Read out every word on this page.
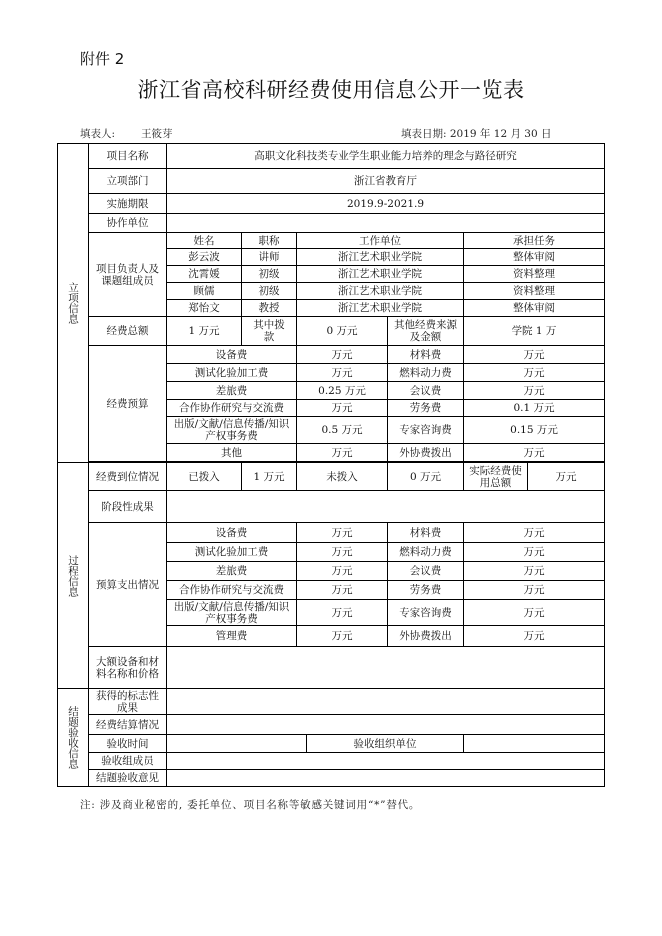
附件 2
浙江省高校科研经费使用信息公开一览表
填表人: 王筱芽	填表日期: 2019 年 12 月 30 日
立项信息	项目名称	高职文化科技类专业学生职业能力培养的理念与路径研究						
	立项部门	浙江省教育厅						
	实施期限	2019.9-2021.9						
	协作单位							
	项目负责人及课题组成员	姓名	职称	工作单位			承担任务	
		彭云波	讲师	浙江艺术职业学院			整体审阅	
		沈霄媛	初级	浙江艺术职业学院			资料整理	
		顾儒	初级	浙江艺术职业学院			资料整理	
		郑怡文	教授	浙江艺术职业学院			整体审阅	
	经费总额	1 万元	其中拨款	0 万元		其他经费来源及金额	学院 1 万	
	经费预算	设备费		万元		材料费	万元	
		测试化验加工费		万元		燃料动力费	万元	
		差旅费		0.25 万元		会议费	万元	
		合作协作研究与交流费		万元		劳务费	0.1 万元	
		出版/文献/信息传播/知识产权事务费		0.5 万元		专家咨询费	0.15 万元	
		其他		万元		外协费拨出	万元	

过程信息	经费到位情况	已拨入	1 万元	未拨入		0 万元	实际经费使用总额	万元
	阶段性成果							
	预算支出情况	设备费		万元		材料费	万元	
		测试化验加工费		万元		燃料动力费	万元	
		差旅费		万元		会议费	万元	
		合作协作研究与交流费		万元		劳务费	万元	
		出版/文献/信息传播/知识产权事务费		万元		专家咨询费	万元	
		管理费		万元		外协费拨出	万元	
	大额设备和材料名称和价格							
结题验收信息	获得的标志性成果							
	经费结算情况							
	验收时间				验收组织单位			
	验收组成员							
	结题验收意见							
注: 涉及商业秘密的, 委托单位、项目名称等敏感关键词用“*”替代。
